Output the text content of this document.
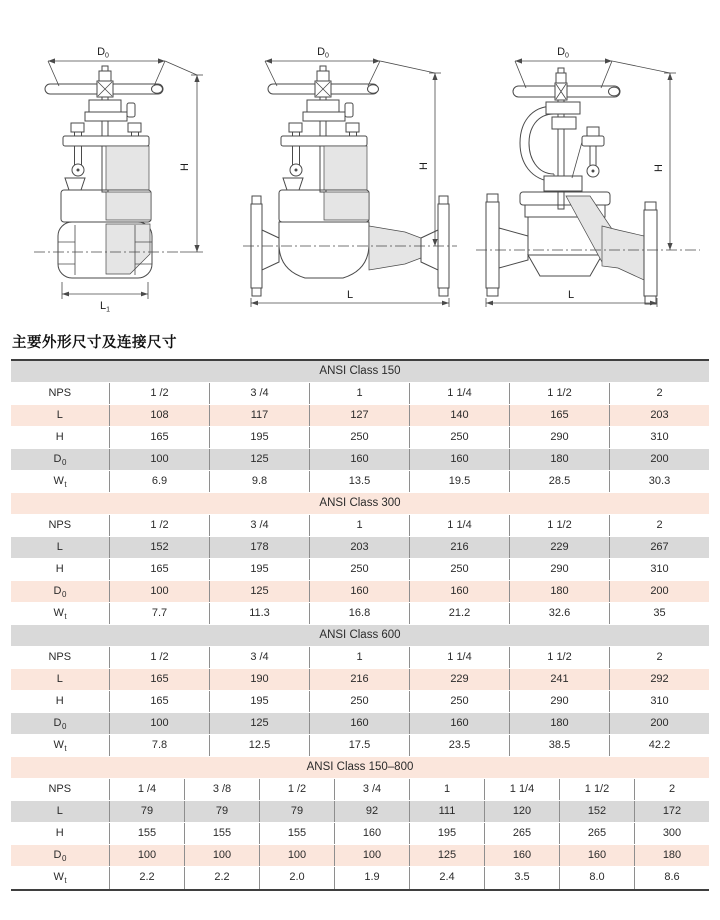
$D_0$
H
$L_1$
$D_0$
H
L
$D_0$
H
L
主要外形尺寸及连接尺寸
ANSI Class 150
NPS	1 /2	3 /4	1	1 1/4	1 1/2	2
L	108	117	127	140	165	203
H	165	195	250	250	290	310
$D_0$	100	125	160	160	180	200
$W_t$	6.9	9.8	13.5	19.5	28.5	30.3
ANSI Class 300
NPS	1 /2	3 /4	1	1 1/4	1 1/2	2
L	152	178	203	216	229	267
H	165	195	250	250	290	310
$D_0$	100	125	160	160	180	200
$W_t$	7.7	11.3	16.8	21.2	32.6	35
ANSI Class 600
NPS	1 /2	3 /4	1	1 1/4	1 1/2	2
L	165	190	216	229	241	292
H	165	195	250	250	290	310
$D_0$	100	125	160	160	180	200
$W_t$	7.8	12.5	17.5	23.5	38.5	42.2
ANSI Class 150–800
NPS	1 /4	3 /8	1 /2	3 /4	1	1 1/4	1 1/2	2
L	79	79	79	92	111	120	152	172
H	155	155	155	160	195	265	265	300
$D_0$	100	100	100	100	125	160	160	180
$W_t$	2.2	2.2	2.0	1.9	2.4	3.5	8.0	8.6
